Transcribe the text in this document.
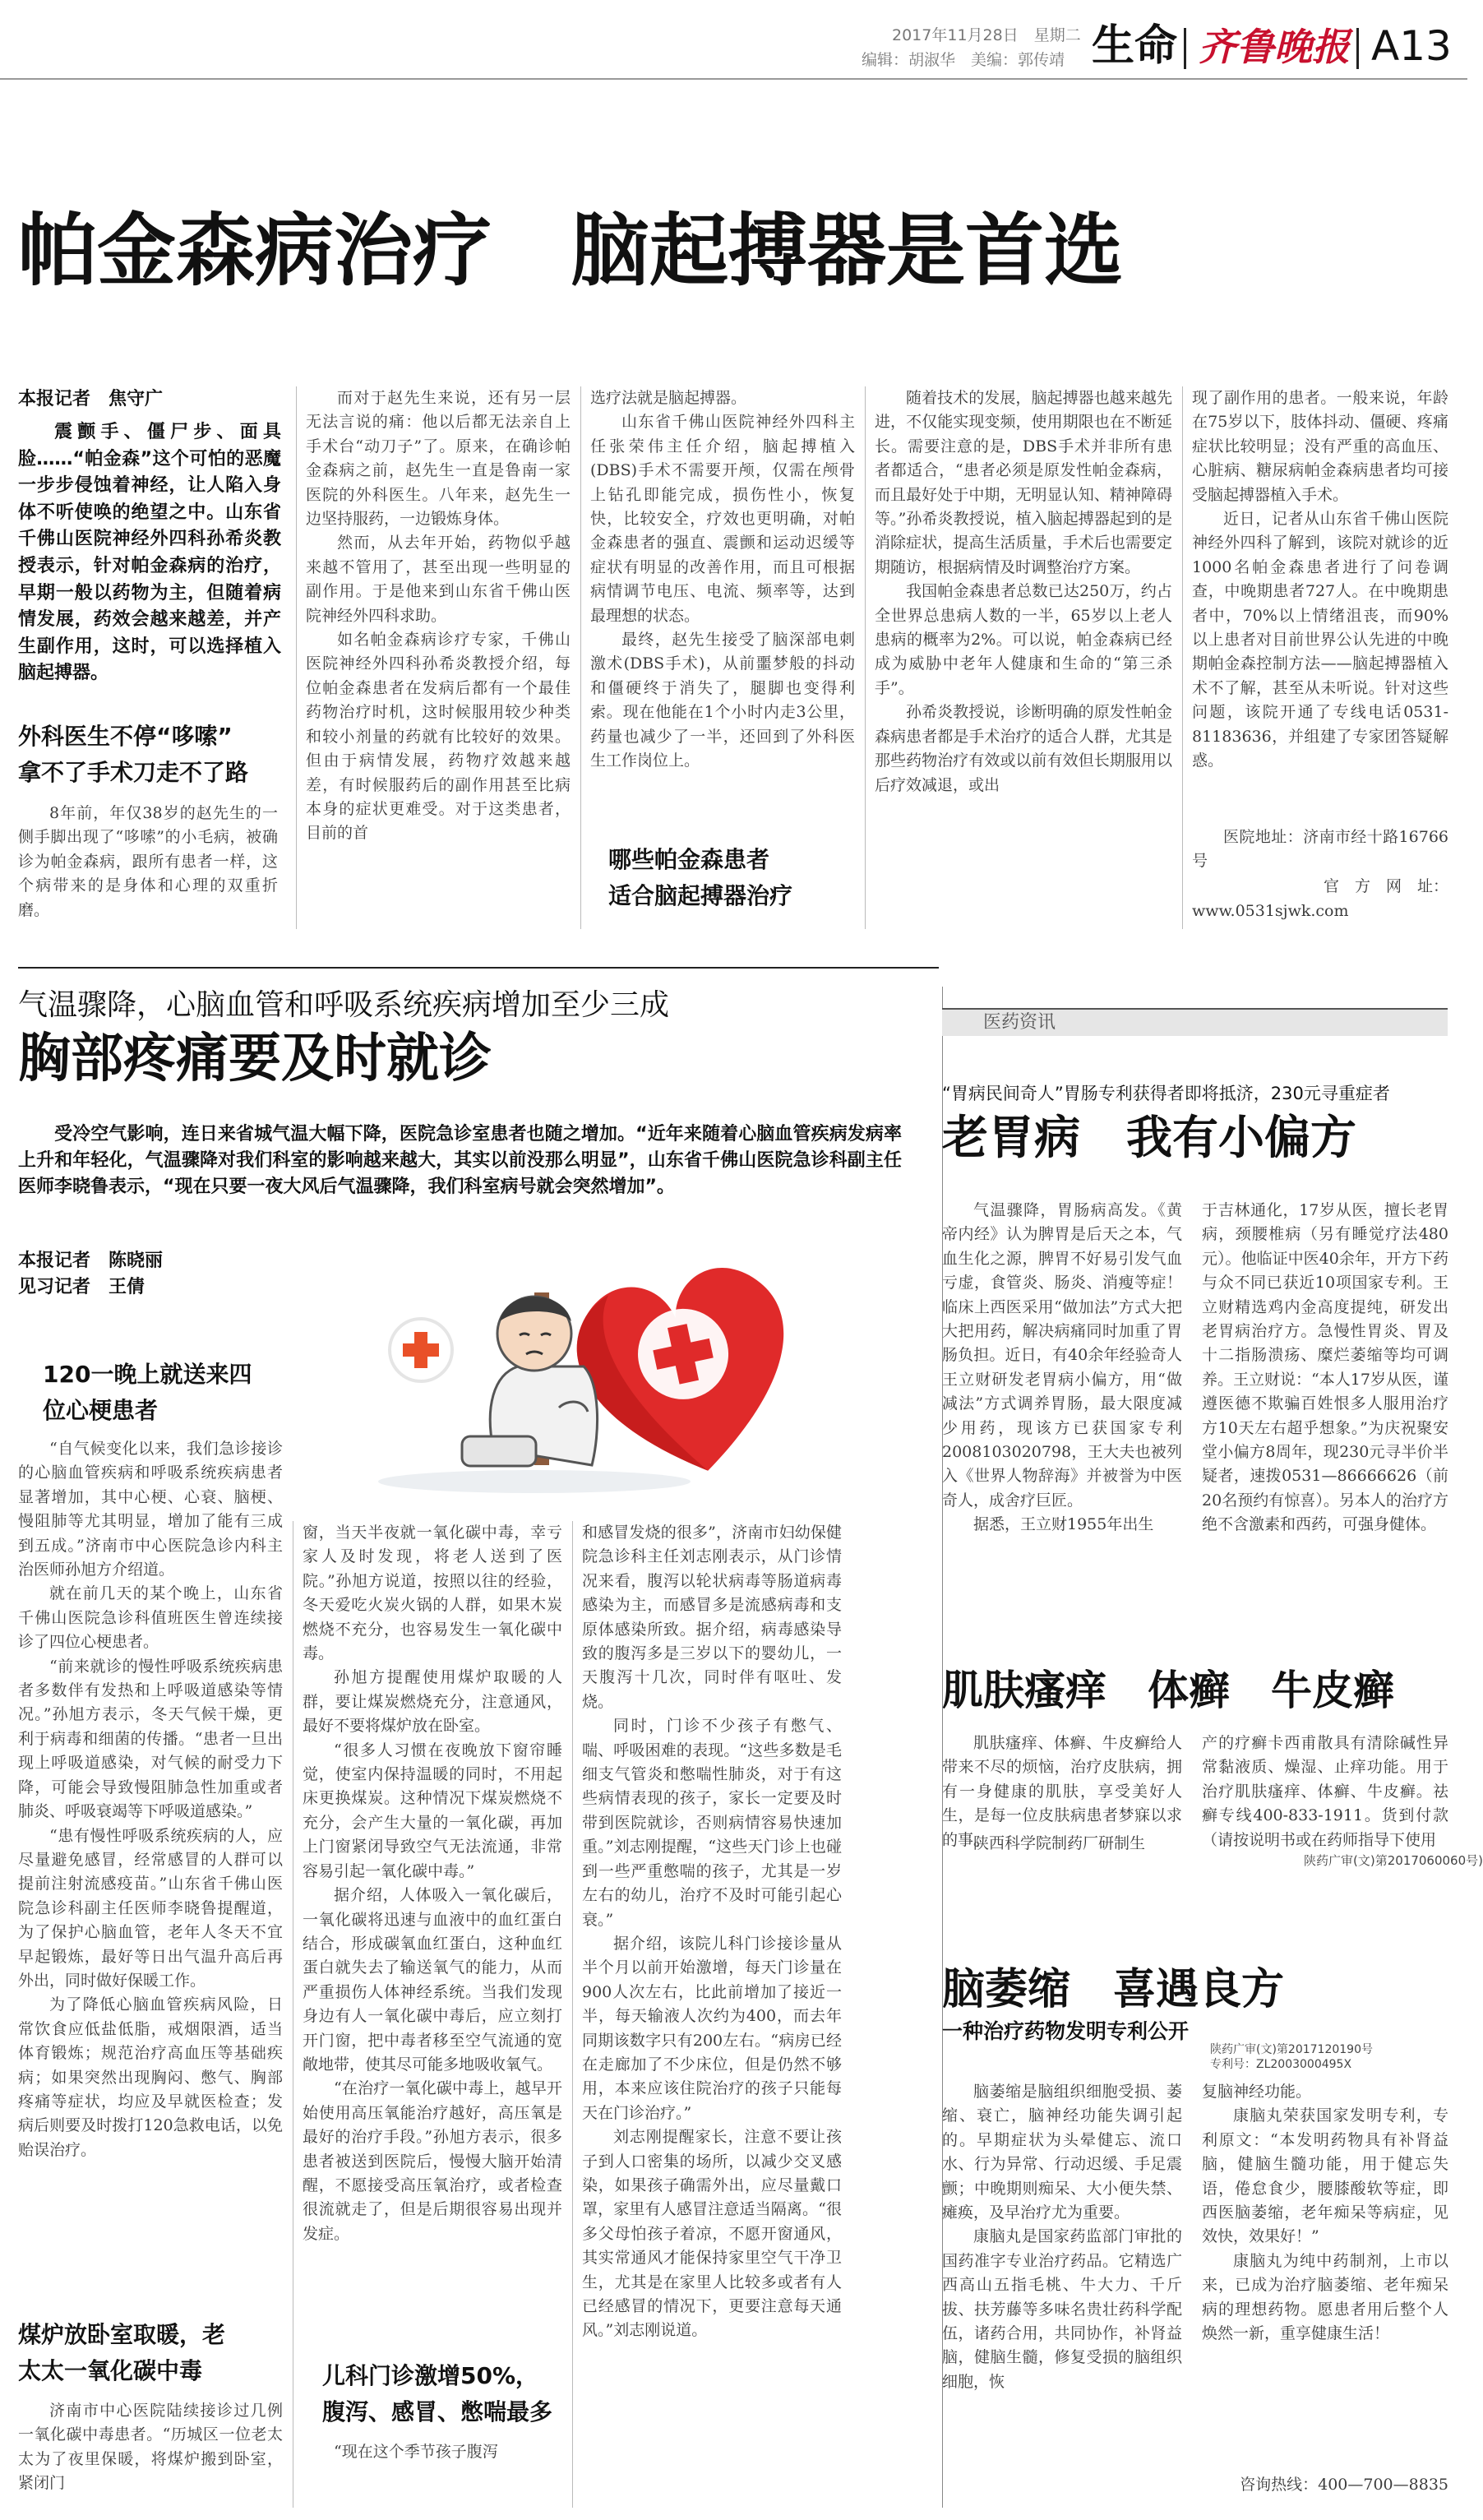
2017年11月28日　星期二
编辑：胡淑华　美编：郭传靖 生命 齐鲁晚报 A13
帕金森病治疗　脑起搏器是首选
本报记者　焦守广
震颤手、僵尸步、面具脸……“帕金森”这个可怕的恶魔一步步侵蚀着神经，让人陷入身体不听使唤的绝望之中。山东省千佛山医院神经外四科孙希炎教授表示，针对帕金森病的治疗，早期一般以药物为主，但随着病情发展，药效会越来越差，并产生副作用，这时，可以选择植入脑起搏器。
外科医生不停“哆嗦”
拿不了手术刀走不了路

8年前，年仅38岁的赵先生的一侧手脚出现了“哆嗦”的小毛病，被确诊为帕金森病，跟所有患者一样，这个病带来的是身体和心理的双重折磨。

而对于赵先生来说，还有另一层无法言说的痛：他以后都无法亲自上手术台“动刀子”了。原来，在确诊帕金森病之前，赵先生一直是鲁南一家医院的外科医生。八年来，赵先生一边坚持服药，一边锻炼身体。

然而，从去年开始，药物似乎越来越不管用了，甚至出现一些明显的副作用。于是他来到山东省千佛山医院神经外四科求助。

如名帕金森病诊疗专家，千佛山医院神经外四科孙希炎教授介绍，每位帕金森患者在发病后都有一个最佳药物治疗时机，这时候服用较少种类和较小剂量的药就有比较好的效果。但由于病情发展，药物疗效越来越差，有时候服药后的副作用甚至比病本身的症状更难受。对于这类患者，目前的首

选疗法就是脑起搏器。

山东省千佛山医院神经外四科主任张荣伟主任介绍，脑起搏植入(DBS)手术不需要开颅，仅需在颅骨上钻孔即能完成，损伤性小，恢复快，比较安全，疗效也更明确，对帕金森患者的强直、震颤和运动迟缓等症状有明显的改善作用，而且可根据病情调节电压、电流、频率等，达到最理想的状态。

最终，赵先生接受了脑深部电刺激术(DBS手术)，从前噩梦般的抖动和僵硬终于消失了，腿脚也变得利索。现在他能在1个小时内走3公里，药量也减少了一半，还回到了外科医生工作岗位上。

哪些帕金森患者
适合脑起搏器治疗

随着技术的发展，脑起搏器也越来越先进，不仅能实现变频，使用期限也在不断延长。需要注意的是，DBS手术并非所有患者都适合，“患者必须是原发性帕金森病，而且最好处于中期，无明显认知、精神障碍等。”孙希炎教授说，植入脑起搏器起到的是消除症状，提高生活质量，手术后也需要定期随访，根据病情及时调整治疗方案。

我国帕金森患者总数已达250万，约占全世界总患病人数的一半，65岁以上老人患病的概率为2%。可以说，帕金森病已经成为威胁中老年人健康和生命的“第三杀手”。

孙希炎教授说，诊断明确的原发性帕金森病患者都是手术治疗的适合人群，尤其是那些药物治疗有效或以前有效但长期服用以后疗效减退，或出

现了副作用的患者。一般来说，年龄在75岁以下，肢体抖动、僵硬、疼痛症状比较明显；没有严重的高血压、心脏病、糖尿病帕金森病患者均可接受脑起搏器植入手术。

近日，记者从山东省千佛山医院神经外四科了解到，该院对就诊的近1000名帕金森患者进行了问卷调查，中晚期患者727人。在中晚期患者中，70%以上情绪沮丧，而90%以上患者对目前世界公认先进的中晚期帕金森控制方法——脑起搏器植入术不了解，甚至从未听说。针对这些问题，该院开通了专线电话0531-81183636，并组建了专家团答疑解惑。

医院地址：济南市经十路16766号

官　方　网　址：
www.0531sjwk.com
气温骤降，心脑血管和呼吸系统疾病增加至少三成
胸部疼痛要及时就诊
受冷空气影响，连日来省城气温大幅下降，医院急诊室患者也随之增加。“近年来随着心脑血管疾病发病率上升和年轻化，气温骤降对我们科室的影响越来越大，其实以前没那么明显”，山东省千佛山医院急诊科副主任医师李晓鲁表示，“现在只要一夜大风后气温骤降，我们科室病号就会突然增加”。
本报记者　陈晓丽
见习记者　王倩
120一晚上就送来四
位心梗患者

“自气候变化以来，我们急诊接诊的心脑血管疾病和呼吸系统疾病患者显著增加，其中心梗、心衰、脑梗、慢阻肺等尤其明显，增加了能有三成到五成。”济南市中心医院急诊内科主治医师孙旭方介绍道。

就在前几天的某个晚上，山东省千佛山医院急诊科值班医生曾连续接诊了四位心梗患者。

“前来就诊的慢性呼吸系统疾病患者多数伴有发热和上呼吸道感染等情况。”孙旭方表示，冬天气候干燥，更利于病毒和细菌的传播。“患者一旦出现上呼吸道感染，对气候的耐受力下降，可能会导致慢阻肺急性加重或者肺炎、呼吸衰竭等下呼吸道感染。”

“患有慢性呼吸系统疾病的人，应尽量避免感冒，经常感冒的人群可以提前注射流感疫苗。”山东省千佛山医院急诊科副主任医师李晓鲁提醒道，为了保护心脑血管，老年人冬天不宜早起锻炼，最好等日出气温升高后再外出，同时做好保暖工作。

为了降低心脑血管疾病风险，日常饮食应低盐低脂，戒烟限酒，适当体育锻炼；规范治疗高血压等基础疾病；如果突然出现胸闷、憋气、胸部疼痛等症状，均应及早就医检查；发病后则要及时拨打120急救电话，以免贻误治疗。

煤炉放卧室取暖，老
太太一氧化碳中毒

济南市中心医院陆续接诊过几例一氧化碳中毒患者。“历城区一位老太太为了夜里保暖，将煤炉搬到卧室，紧闭门

窗，当天半夜就一氧化碳中毒，幸亏家人及时发现，将老人送到了医院。”孙旭方说道，按照以往的经验，冬天爱吃火炭火锅的人群，如果木炭燃烧不充分，也容易发生一氧化碳中毒。

孙旭方提醒使用煤炉取暖的人群，要让煤炭燃烧充分，注意通风，最好不要将煤炉放在卧室。

“很多人习惯在夜晚放下窗帘睡觉，使室内保持温暖的同时，不用起床更换煤炭。这种情况下煤炭燃烧不充分，会产生大量的一氧化碳，再加上门窗紧闭导致空气无法流通，非常容易引起一氧化碳中毒。”

据介绍，人体吸入一氧化碳后，一氧化碳将迅速与血液中的血红蛋白结合，形成碳氧血红蛋白，这种血红蛋白就失去了输送氧气的能力，从而严重损伤人体神经系统。当我们发现身边有人一氧化碳中毒后，应立刻打开门窗，把中毒者移至空气流通的宽敞地带，使其尽可能多地吸收氧气。

“在治疗一氧化碳中毒上，越早开始使用高压氧能治疗越好，高压氧是最好的治疗手段。”孙旭方表示，很多患者被送到医院后，慢慢大脑开始清醒，不愿接受高压氧治疗，或者检查很流就走了，但是后期很容易出现并发症。

儿科门诊激增50%，
腹泻、感冒、憋喘最多

“现在这个季节孩子腹泻

和感冒发烧的很多”，济南市妇幼保健院急诊科主任刘志刚表示，从门诊情况来看，腹泻以轮状病毒等肠道病毒感染为主，而感冒多是流感病毒和支原体感染所致。据介绍，病毒感染导致的腹泻多是三岁以下的婴幼儿，一天腹泻十几次，同时伴有呕吐、发烧。

同时，门诊不少孩子有憋气、喘、呼吸困难的表现。“这些多数是毛细支气管炎和憋喘性肺炎，对于有这些病情表现的孩子，家长一定要及时带到医院就诊，否则病情容易快速加重。”刘志刚提醒，“这些天门诊上也碰到一些严重憋喘的孩子，尤其是一岁左右的幼儿，治疗不及时可能引起心衰。”

据介绍，该院儿科门诊接诊量从半个月以前开始激增，每天门诊量在900人次左右，比此前增加了接近一半，每天输液人次约为400，而去年同期该数字只有200左右。“病房已经在走廊加了不少床位，但是仍然不够用，本来应该住院治疗的孩子只能每天在门诊治疗。”

刘志刚提醒家长，注意不要让孩子到人口密集的场所，以减少交叉感染，如果孩子确需外出，应尽量戴口罩，家里有人感冒注意适当隔离。“很多父母怕孩子着凉，不愿开窗通风，其实常通风才能保持家里空气干净卫生，尤其是在家里人比较多或者有人已经感冒的情况下，更要注意每天通风。”刘志刚说道。

医药资讯
“胃病民间奇人”胃肠专利获得者即将抵济，230元寻重症者
老胃病　我有小偏方

气温骤降，胃肠病高发。《黄帝内经》认为脾胃是后天之本，气血生化之源，脾胃不好易引发气血亏虚，食管炎、肠炎、消瘦等症！临床上西医采用“做加法”方式大把大把用药，解决病痛同时加重了胃肠负担。近日，有40余年经验奇人王立财研发老胃病小偏方，用“做减法”方式调养胃肠，最大限度减少用药，现该方已获国家专利2008103020798，王大夫也被列入《世界人物辞海》并被誉为中医奇人，成舍疗巨匠。

据悉，王立财1955年出生

于吉林通化，17岁从医，擅长老胃病，颈腰椎病（另有睡觉疗法480元）。他临证中医40余年，开方下药与众不同已获近10项国家专利。王立财精选鸡内金高度提纯，研发出老胃病治疗方。急慢性胃炎、胃及十二指肠溃疡、糜烂萎缩等均可调养。王立财说：“本人17岁从医，谨遵医德不欺骗百姓恨多人服用治疗方10天左右超乎想象。”为庆祝聚安堂小偏方8周年，现230元寻半价半疑者，速拨0531—86666626（前20名预约有惊喜）。另本人的治疗方绝不含激素和西药，可强身健体。

肌肤瘙痒　体癣　牛皮癣

肌肤瘙痒、体癣、牛皮癣给人带来不尽的烦恼，治疗皮肤病，拥有一身健康的肌肤，享受美好人生，是每一位皮肤病患者梦寐以求的事。

陕西科学院制药厂研制生

产的疗癣卡西甫散具有清除碱性异常黏液质、燥湿、止痒功能。用于治疗肌肤瘙痒、体癣、牛皮癣。祛癣专线400-833-1911。货到付款（请按说明书或在药师指导下使用

陕药广审(文)第2017060060号)
脑萎缩　喜遇良方
一种治疗药物发明专利公开
陕药广审(文)第2017120190号
专利号：ZL2003000495X

脑萎缩是脑组织细胞受损、萎缩、衰亡，脑神经功能失调引起的。早期症状为头晕健忘、流口水、行为异常、行动迟缓、手足震颤；中晚期则痴呆、大小便失禁、瘫痪，及早治疗尤为重要。

康脑丸是国家药监部门审批的国药准字专业治疗药品。它精选广西高山五指毛桃、牛大力、千斤拔、扶芳藤等多味名贵壮药科学配伍，诸药合用，共同协作，补肾益脑，健脑生髓，修复受损的脑组织细胞，恢

复脑神经功能。

康脑丸荣获国家发明专利，专利原文：“本发明药物具有补肾益脑，健脑生髓功能，用于健忘失语，倦怠食少，腰膝酸软等症，即西医脑萎缩，老年痴呆等病症，见效快，效果好！”

康脑丸为纯中药制剂，上市以来，已成为治疗脑萎缩、老年痴呆病的理想药物。愿患者用后整个人焕然一新，重享健康生活！

咨询热线：400—700—8835
